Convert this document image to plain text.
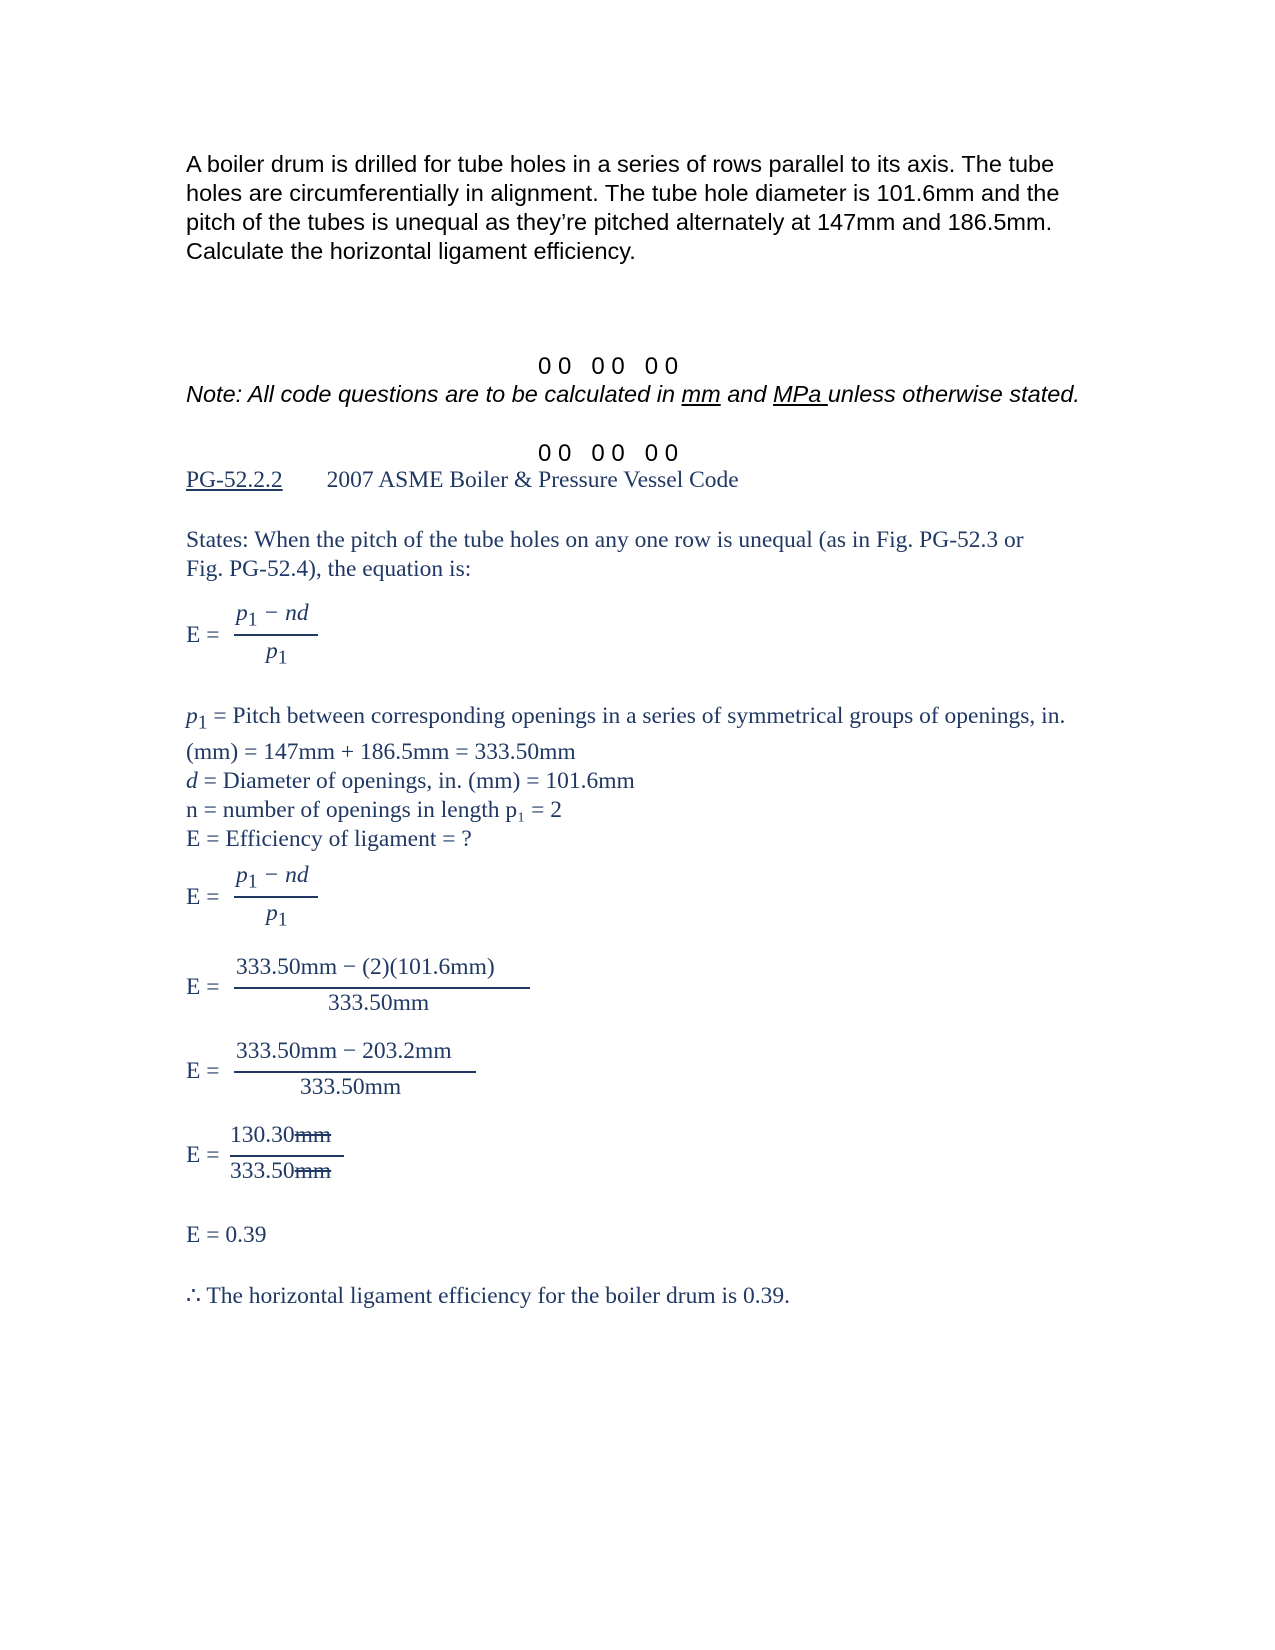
A boiler drum is drilled for tube holes in a series of rows parallel to its axis. The tube holes are circumferentially in alignment. The tube hole diameter is 101.6mm and the pitch of the tubes is unequal as they’re pitched alternately at 147mm and 186.5mm. Calculate the horizontal ligament efficiency.

0 0   0 0   0 0

0 0   0 0   0 0

Note: All code questions are to be calculated in mm and MPa unless otherwise stated.
PG-52.2.2 2007 ASME Boiler & Pressure Vessel Code
States: When the pitch of the tube holes on any one row is unequal (as in Fig. PG-52.3 or Fig. PG-52.4), the equation is:
E =
$p_1$ − nd
$p_1$
$p_1$ = Pitch between corresponding openings in a series of symmetrical groups of openings, in. (mm) = 147mm + 186.5mm = 333.50mm
d = Diameter of openings, in. (mm) = 101.6mm
n = number of openings in length p₁ = 2
E = Efficiency of ligament = ?
E =
$p_1$ − nd
$p_1$
E =
333.50mm − (2)(101.6mm)
333.50mm
E =
333.50mm − 203.2mm
333.50mm
E =
130.30mm
333.50mm
E = 0.39
∴ The horizontal ligament efficiency for the boiler drum is 0.39.
